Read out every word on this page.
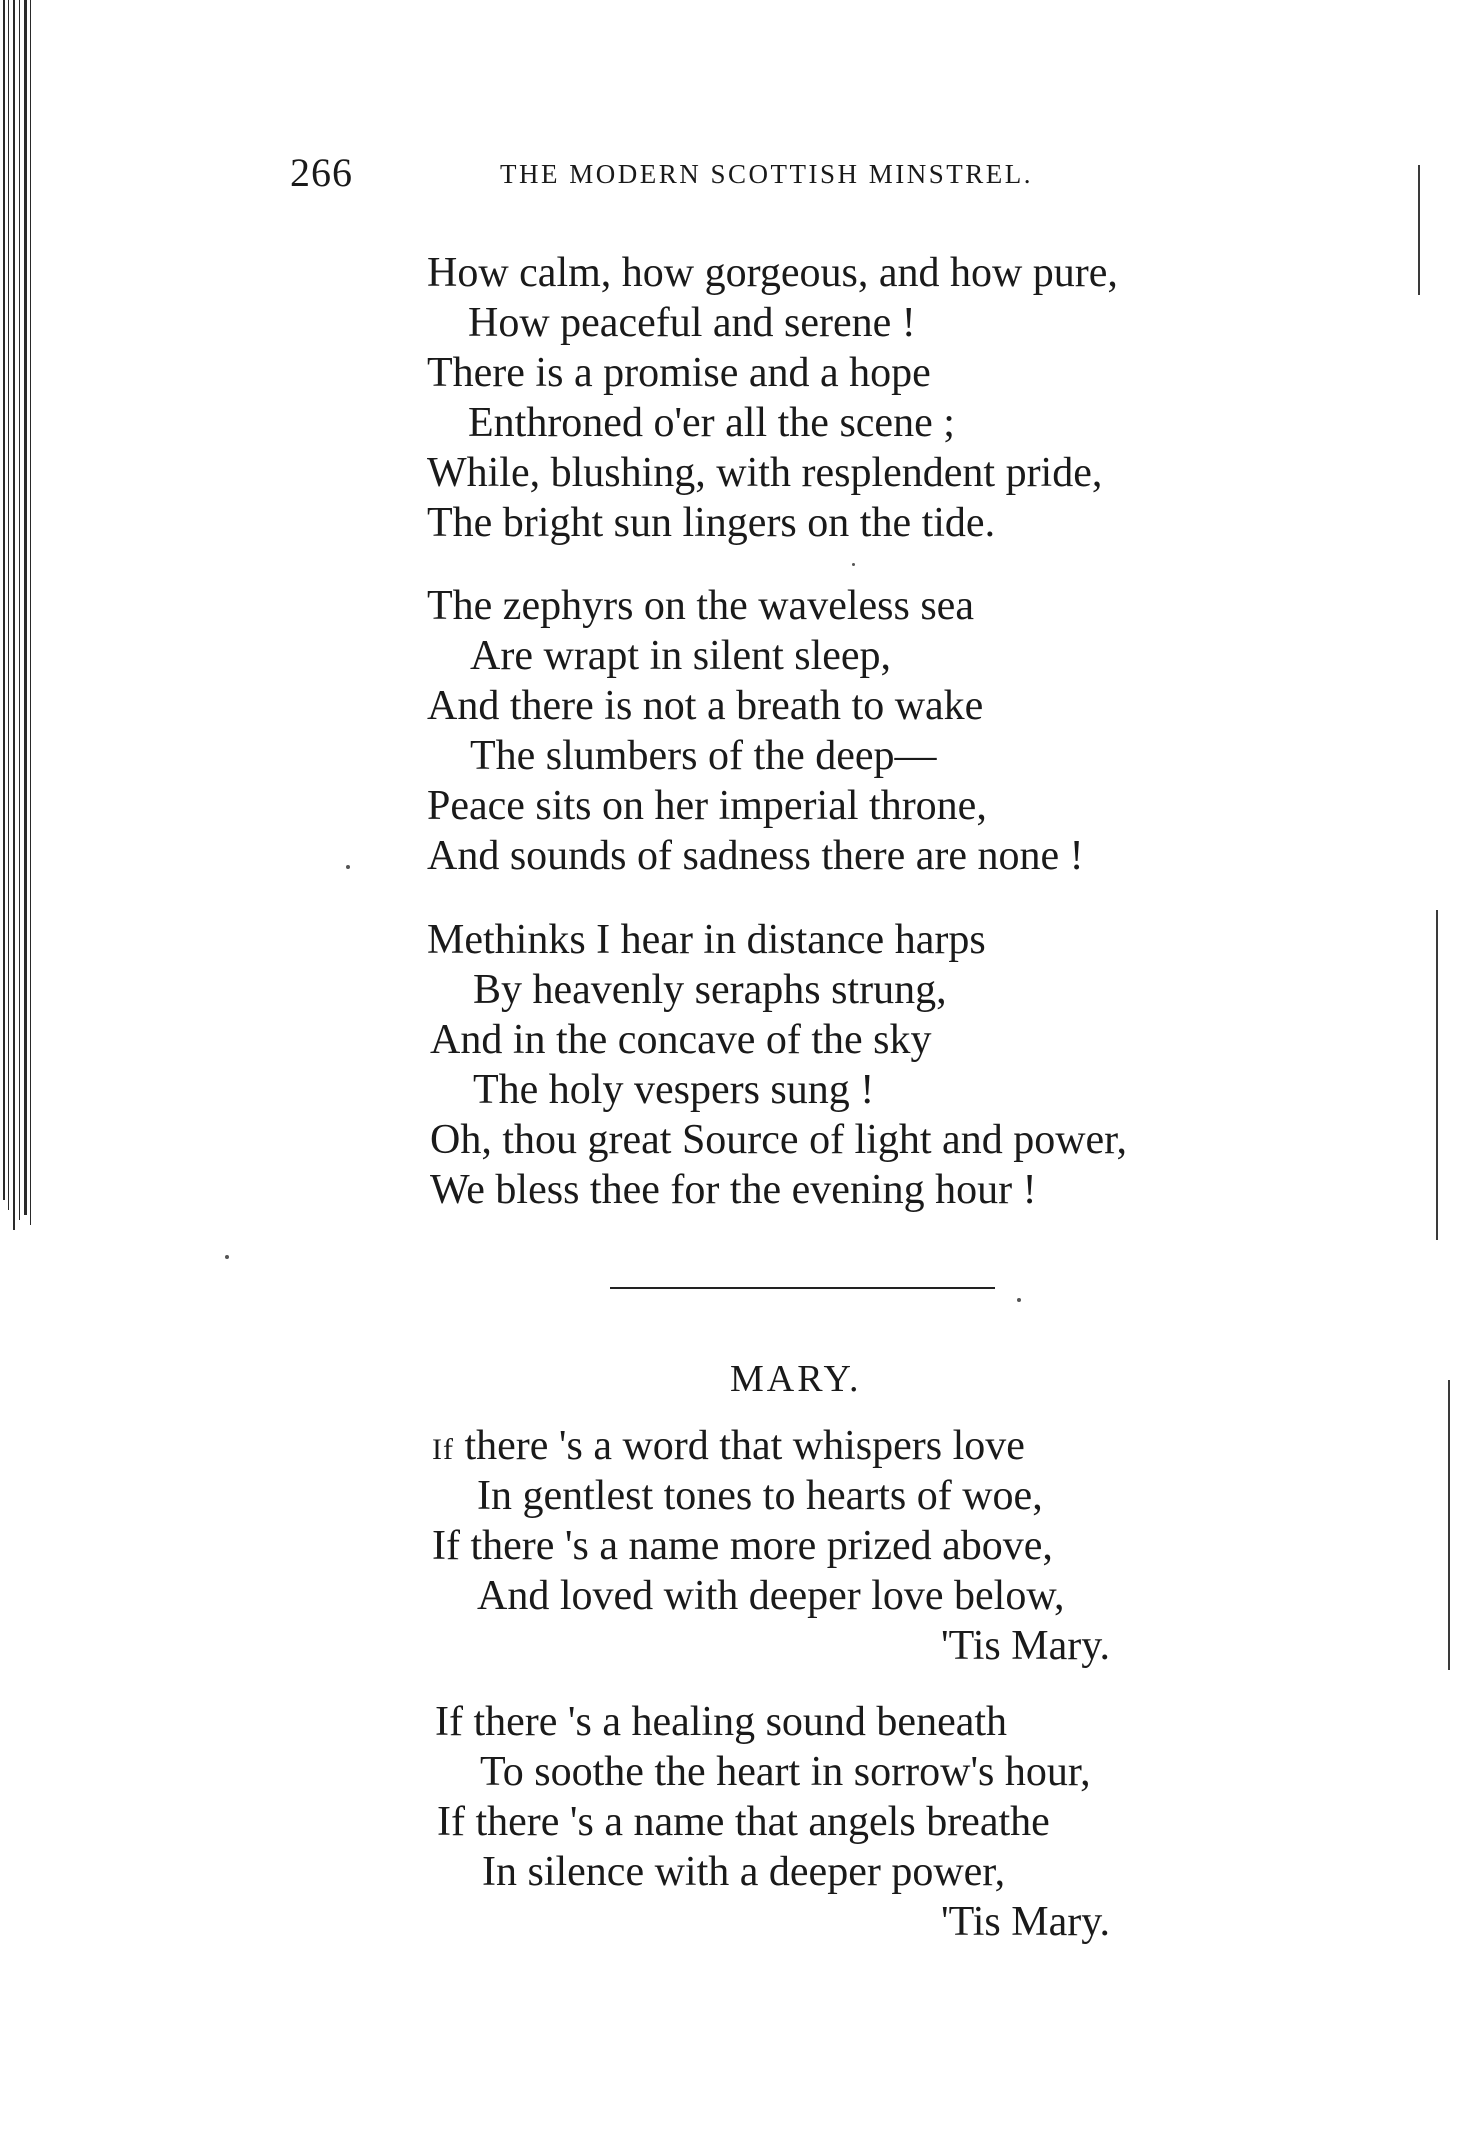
266	THE MODERN SCOTTISH MINSTREL.
How calm, how gorgeous, and how pure,
How peaceful and serene !
There is a promise and a hope
Enthroned o'er all the scene ;
While, blushing, with resplendent pride,
The bright sun lingers on the tide.
The zephyrs on the waveless sea
Are wrapt in silent sleep,
And there is not a breath to wake
The slumbers of the deep—
Peace sits on her imperial throne,
And sounds of sadness there are none !
Methinks I hear in distance harps
By heavenly seraphs strung,
And in the concave of the sky
The holy vespers sung !
Oh, thou great Source of light and power,
We bless thee for the evening hour !
MARY.
If there 's a word that whispers love
In gentlest tones to hearts of woe,
If there 's a name more prized above,
And loved with deeper love below,
'Tis Mary.
If there 's a healing sound beneath
To soothe the heart in sorrow's hour,
If there 's a name that angels breathe
In silence with a deeper power,
'Tis Mary.
